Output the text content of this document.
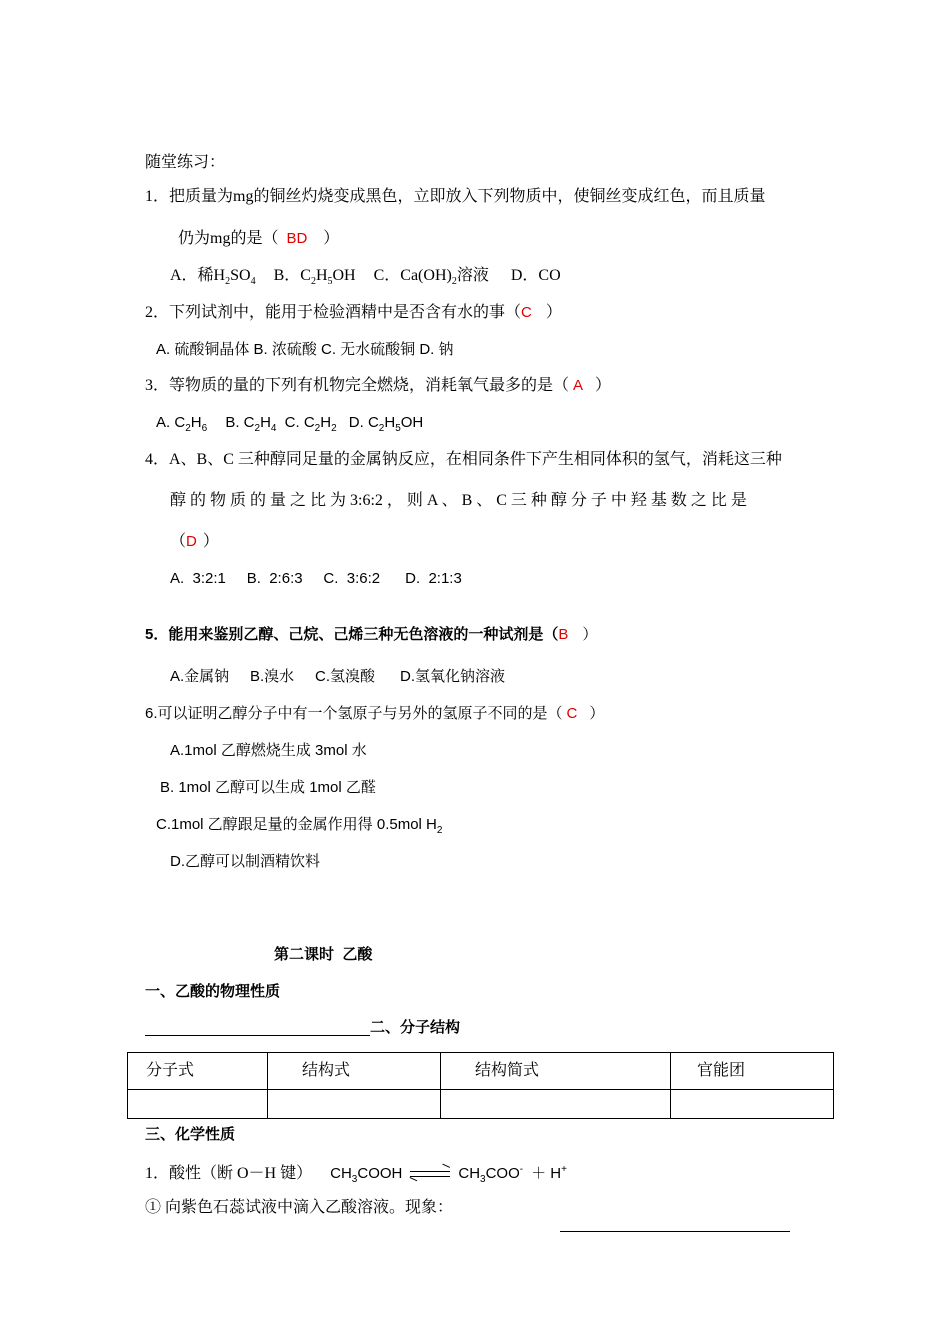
随堂练习：
1．把质量为mg的铜丝灼烧变成黑色，立即放入下列物质中，使铜丝变成红色，而且质量
仍为mg的是（ BD ）
A．稀$H_2SO_4$ B．$C_2H_5OH$ C．$Ca(OH)_2$溶液 D．CO
2．下列试剂中，能用于检验酒精中是否含有水的事（C ）
A. 硫酸铜晶体 B. 浓硫酸 C. 无水硫酸铜 D. 钠
3．等物质的量的下列有机物完全燃烧，消耗氧气最多的是（ A ）
A. $C_2H_6$ B. $C_2H_4$ C. $C_2H_2$ D. $C_2H_5OH$
4．A、B、C 三种醇同足量的金属钠反应，在相同条件下产生相同体积的氢气，消耗这三种
醇 的 物 质 的 量 之 比 为 3:6:2 ， 则 A 、 B 、 C 三 种 醇 分 子 中 羟 基 数 之 比 是
（D ）
A.  3:2:1     B.  2:6:3     C.  3:6:2      D.  2:1:3
5．能用来鉴别乙醇、己烷、己烯三种无色溶液的一种试剂是（B ）
A.金属钠     B.溴水     C.氢溴酸      D.氢氧化钠溶液
6.可以证明乙醇分子中有一个氢原子与另外的氢原子不同的是（ C ）
A.1mol 乙醇燃烧生成 3mol 水
B. 1mol 乙醇可以生成 1mol 乙醛
C.1mol 乙醇跟足量的金属作用得 0.5mol $H_2$
D.乙醇可以制酒精饮料
第二课时  乙酸
一、乙酸的物理性质
二、分子结构
分子式	结构式	结构简式	官能团

三、化学性质
1．酸性（断 O－H 键） $CH_3COOH$	$CH_3COO^- + H^+$
① 向紫色石蕊试液中滴入乙酸溶液。现象：
